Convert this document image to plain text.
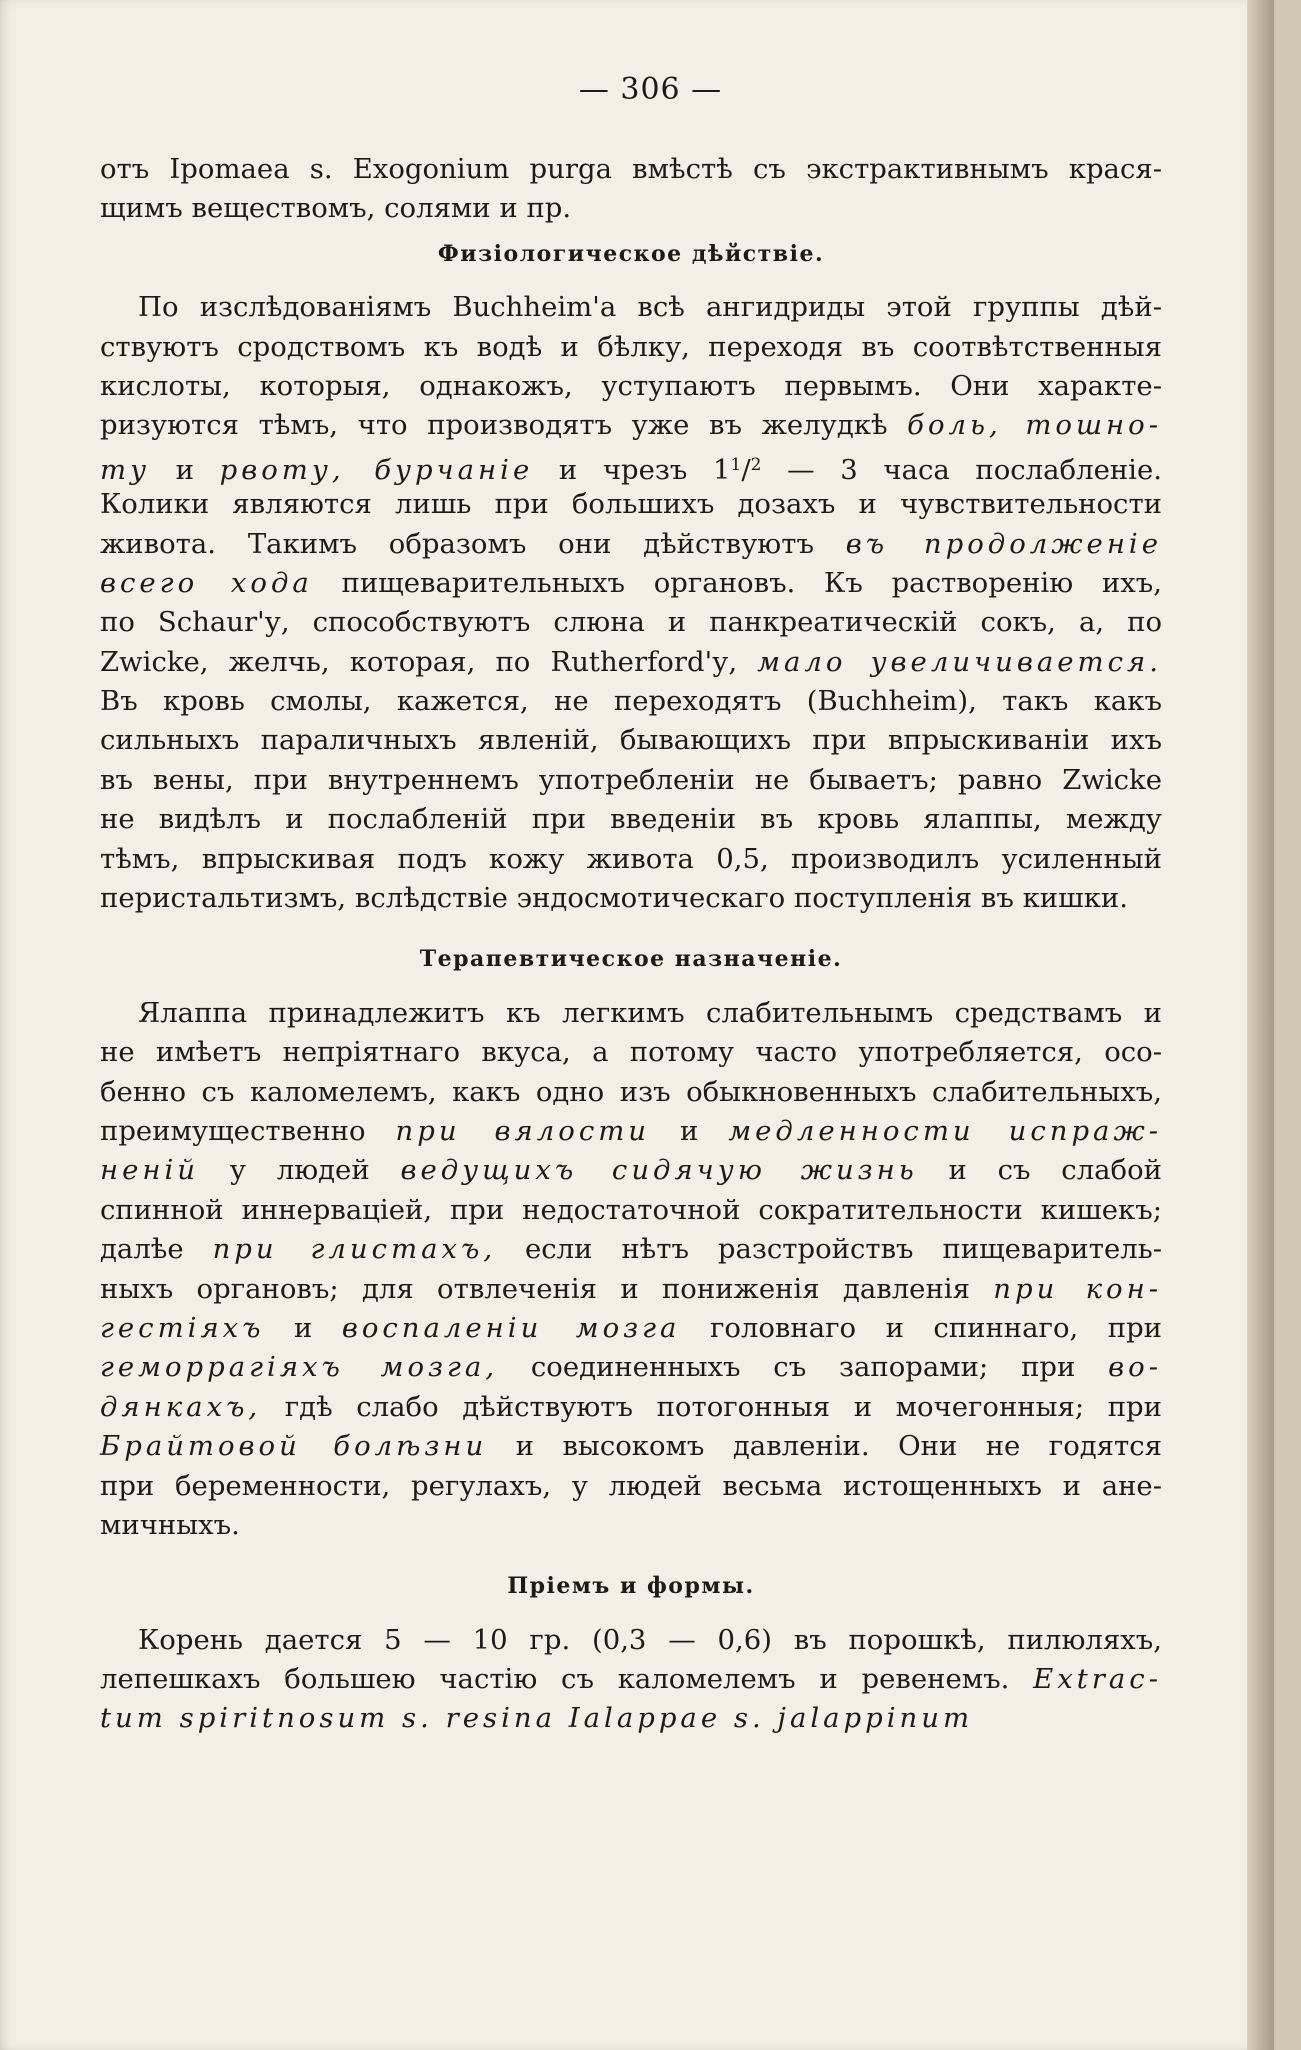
— 306 —
отъ Ipomaea s. Exogonium purga вмѣстѣ съ экстрактивнымъ крася-
щимъ веществомъ, солями и пр.
Физіологическое дѣйствіе.
По изслѣдованіямъ Buchheim'а всѣ ангидриды этой группы дѣй-
ствуютъ сродствомъ къ водѣ и бѣлку, переходя въ соотвѣтственныя
кислоты, которыя, однакожъ, уступаютъ первымъ. Они характе-
ризуются тѣмъ, что производятъ уже въ желудкѣ боль, тошно-
ту и рвоту, бурчаніе и чрезъ $1^1/^2$ — 3 часа послабленіе.
Колики являются лишь при большихъ дозахъ и чувствительности
живота. Такимъ образомъ они дѣйствуютъ въ продолженіе
всего хода пищеварительныхъ органовъ. Къ раствоpенію ихъ,
по Schaur'у, способствуютъ слюна и панкреатическій сокъ, а, по
Zwicke, желчь, которая, по Rutherford'у, мало увеличивается.
Въ кровь смолы, кажется, не переходятъ (Buchheim), такъ какъ
сильныхъ параличныхъ явленій, бывающихъ при впрыскиваніи ихъ
въ вены, при внутреннемъ употребленіи не бываетъ; равно Zwicke
не видѣлъ и послабленій при введеніи въ кровь ялаппы, между
тѣмъ, впрыскивая подъ кожу живота 0,5, производилъ усиленный
перистальтизмъ, вслѣдствіе эндосмотическаго поступленія въ кишки.
Терапевтическое назначеніе.
Ялаппа принадлежитъ къ легкимъ слабительнымъ средствамъ и
не имѣетъ непріятнаго вкуса, а потому часто употребляется, осо-
бенно съ каломелемъ, какъ одно изъ обыкновенныхъ слабительныхъ,
преимущественно при вялости и медленности испраж-
неній у людей ведущихъ сидячую жизнь и съ слабой
спинной иннерваціей, при недостаточной сократительности кишекъ;
далѣе при глистахъ, если нѣтъ разстройствъ пищеваритель-
ныхъ органовъ; для отвлеченія и пониженія давленія при кон-
гестіяхъ и воспаленіи мозга головнаго и спиннаго, при
геморрагіяхъ мозга, соединенныхъ съ запорами; при во-
дянкахъ, гдѣ слабо дѣйствуютъ потогонныя и мочегонныя; при
Брайтовой болѣзни и высокомъ давленіи. Они не годятся
при беременности, регулахъ, у людей весьма истощенныхъ и ане-
мичныхъ.
Пріемъ и формы.
Корень дается 5 — 10 гр. (0,3 — 0,6) въ порошкѣ, пилюляхъ,
лепешкахъ большею частію съ каломелемъ и ревенемъ. Extrac-
tum spiritnosum s. resina Ialappae s. jalappinum
